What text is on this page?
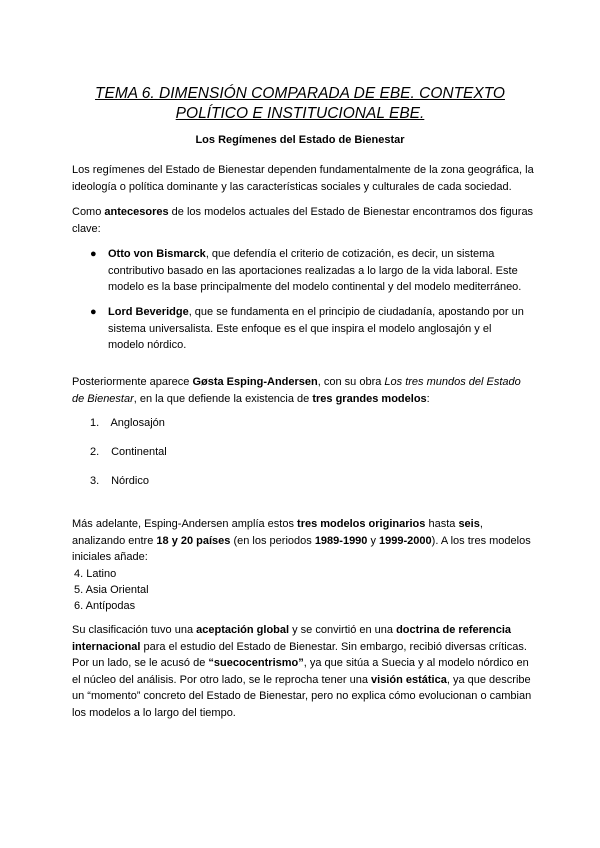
TEMA 6. DIMENSIÓN COMPARADA DE EBE. CONTEXTO
POLÍTICO E INSTITUCIONAL EBE.
Los Regímenes del Estado de Bienestar

Los regímenes del Estado de Bienestar dependen fundamentalmente de la zona geográfica, la ideología o política dominante y las características sociales y culturales de cada sociedad.

Como antecesores de los modelos actuales del Estado de Bienestar encontramos dos figuras clave:

● Otto von Bismarck, que defendía el criterio de cotización, es decir, un sistema contributivo basado en las aportaciones realizadas a lo largo de la vida laboral. Este modelo es la base principalmente del modelo continental y del modelo mediterráneo.

● Lord Beveridge, que se fundamenta en el principio de ciudadanía, apostando por un sistema universalista. Este enfoque es el que inspira el modelo anglosajón y el modelo nórdico.

Posteriormente aparece Gøsta Esping-Andersen, con su obra Los tres mundos del Estado de Bienestar, en la que defiende la existencia de tres grandes modelos:

1. Anglosajón
2. Continental
3. Nórdico

Más adelante, Esping-Andersen amplía estos tres modelos originarios hasta seis, analizando entre 18 y 20 países (en los periodos 1989-1990 y 1999-2000). A los tres modelos iniciales añade:

4. Latino
5. Asia Oriental
6. Antípodas

Su clasificación tuvo una aceptación global y se convirtió en una doctrina de referencia internacional para el estudio del Estado de Bienestar. Sin embargo, recibió diversas críticas. Por un lado, se le acusó de “suecocentrismo”, ya que sitúa a Suecia y al modelo nórdico en el núcleo del análisis. Por otro lado, se le reprocha tener una visión estática, ya que describe un “momento” concreto del Estado de Bienestar, pero no explica cómo evolucionan o cambian los modelos a lo largo del tiempo.
